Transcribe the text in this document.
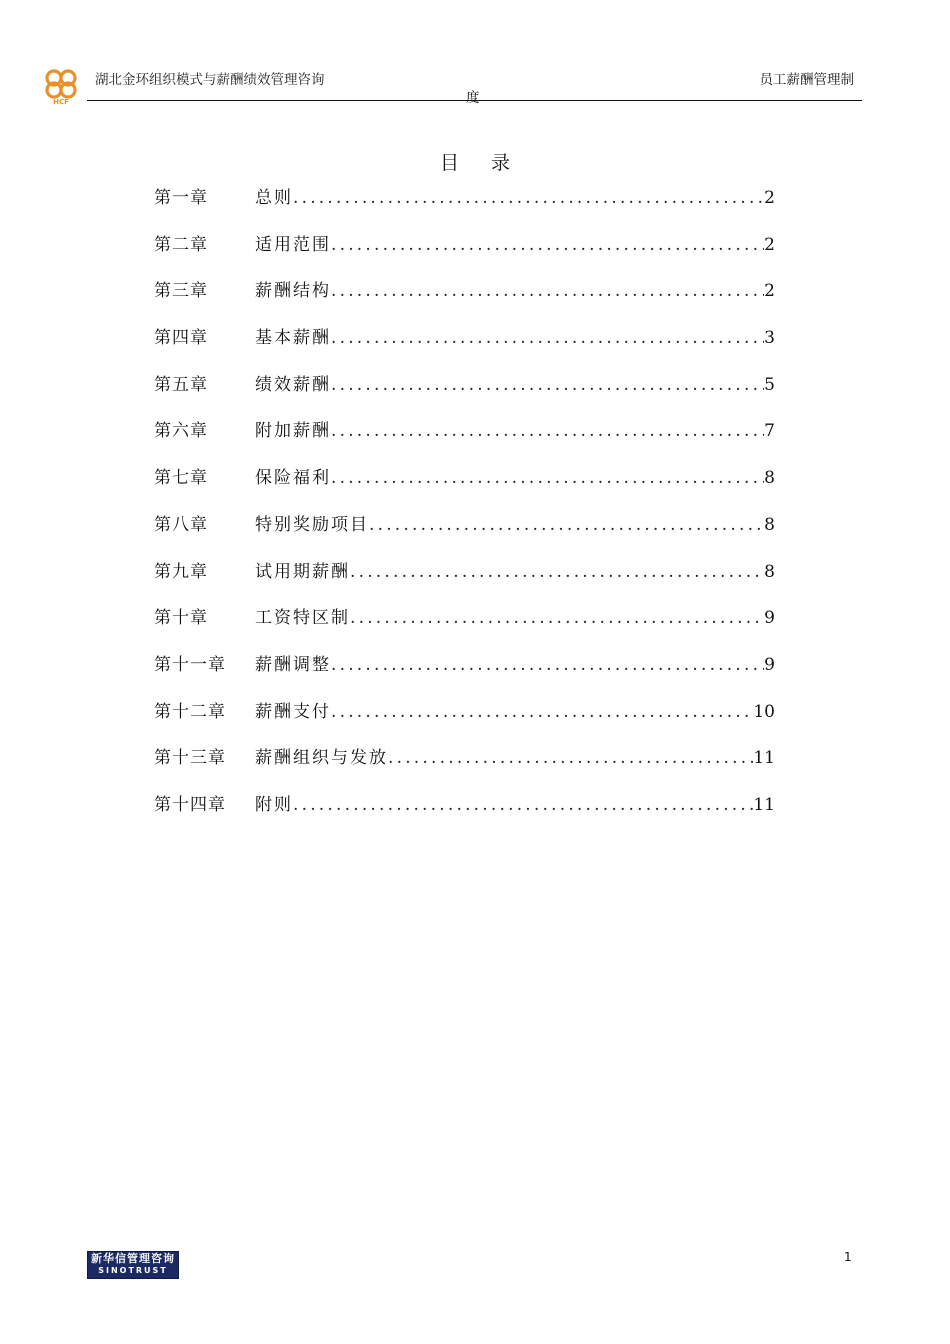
HCF
湖北金环组织模式与薪酬绩效管理咨询	员工薪酬管理制
度
目录
第一章	总则 .....	2
第二章	适用范围 .....	2
第三章	薪酬结构 .....	2
第四章	基本薪酬 .....	3
第五章	绩效薪酬 .....	5
第六章	附加薪酬 .....	7
第七章	保险福利 .....	8
第八章	特别奖励项目 .....	8
第九章	试用期薪酬 .....	8
第十章	工资特区制 .....	9
第十一章	薪酬调整 .....	9
第十二章	薪酬支付 .....	10
第十三章	薪酬组织与发放 .....	11
第十四章	附则 .....	11
新华信管理咨询
SINOTRUST
1
